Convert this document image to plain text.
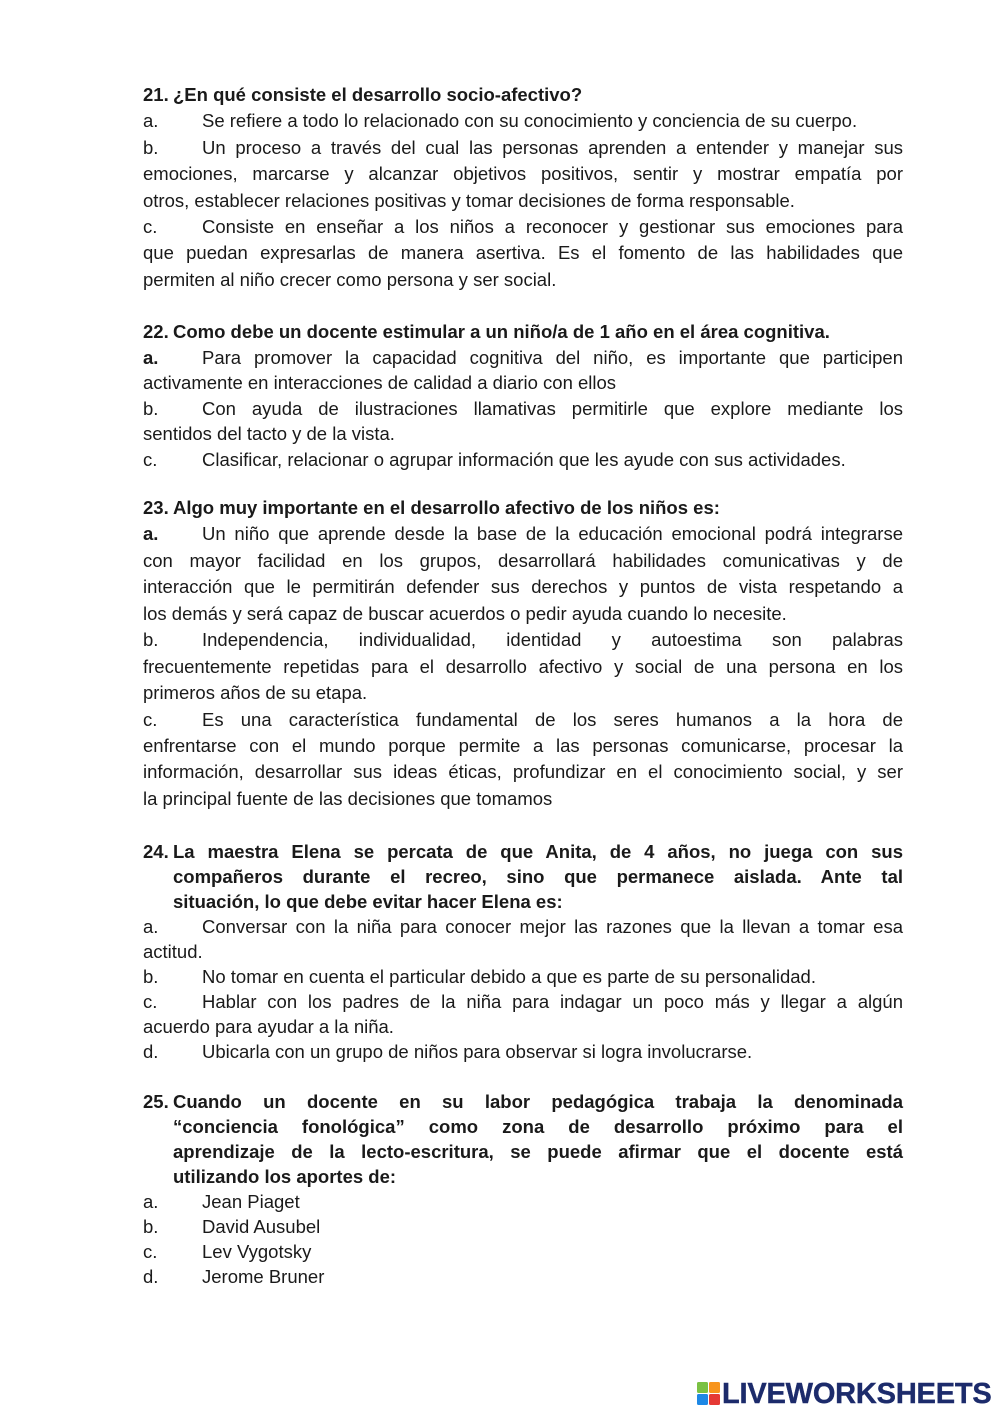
21. ¿En qué consiste el desarrollo socio-afectivo?
a. Se refiere a todo lo relacionado con su conocimiento y conciencia de su cuerpo.
b. Un proceso a través del cual las personas aprenden a entender y manejar sus
emociones, marcarse y alcanzar objetivos positivos, sentir y mostrar empatía por
otros, establecer relaciones positivas y tomar decisiones de forma responsable.
c. Consiste en enseñar a los niños a reconocer y gestionar sus emociones para
que puedan expresarlas de manera asertiva. Es el fomento de las habilidades que
permiten al niño crecer como persona y ser social.
22. Como debe un docente estimular a un niño/a de 1 año en el área cognitiva.
a. Para promover la capacidad cognitiva del niño, es importante que participen
activamente en interacciones de calidad a diario con ellos
b. Con ayuda de ilustraciones llamativas permitirle que explore mediante los
sentidos del tacto y de la vista.
c. Clasificar, relacionar o agrupar información que les ayude con sus actividades.
23. Algo muy importante en el desarrollo afectivo de los niños es:
a. Un niño que aprende desde la base de la educación emocional podrá integrarse
con mayor facilidad en los grupos, desarrollará habilidades comunicativas y de
interacción que le permitirán defender sus derechos y puntos de vista respetando a
los demás y será capaz de buscar acuerdos o pedir ayuda cuando lo necesite.
b. Independencia, individualidad, identidad y autoestima son palabras
frecuentemente repetidas para el desarrollo afectivo y social de una persona en los
primeros años de su etapa.
c. Es una característica fundamental de los seres humanos a la hora de
enfrentarse con el mundo porque permite a las personas comunicarse, procesar la
información, desarrollar sus ideas éticas, profundizar en el conocimiento social, y ser
la principal fuente de las decisiones que tomamos
24. La maestra Elena se percata de que Anita, de 4 años, no juega con sus
compañeros durante el recreo, sino que permanece aislada. Ante tal
situación, lo que debe evitar hacer Elena es:
a. Conversar con la niña para conocer mejor las razones que la llevan a tomar esa
actitud.
b. No tomar en cuenta el particular debido a que es parte de su personalidad.
c. Hablar con los padres de la niña para indagar un poco más y llegar a algún
acuerdo para ayudar a la niña.
d. Ubicarla con un grupo de niños para observar si logra involucrarse.
25. Cuando un docente en su labor pedagógica trabaja la denominada
“conciencia fonológica” como zona de desarrollo próximo para el
aprendizaje de la lecto-escritura, se puede afirmar que el docente está
utilizando los aportes de:
a. Jean Piaget
b. David Ausubel
c. Lev Vygotsky
d. Jerome Bruner
LIVEWORKSHEETS
